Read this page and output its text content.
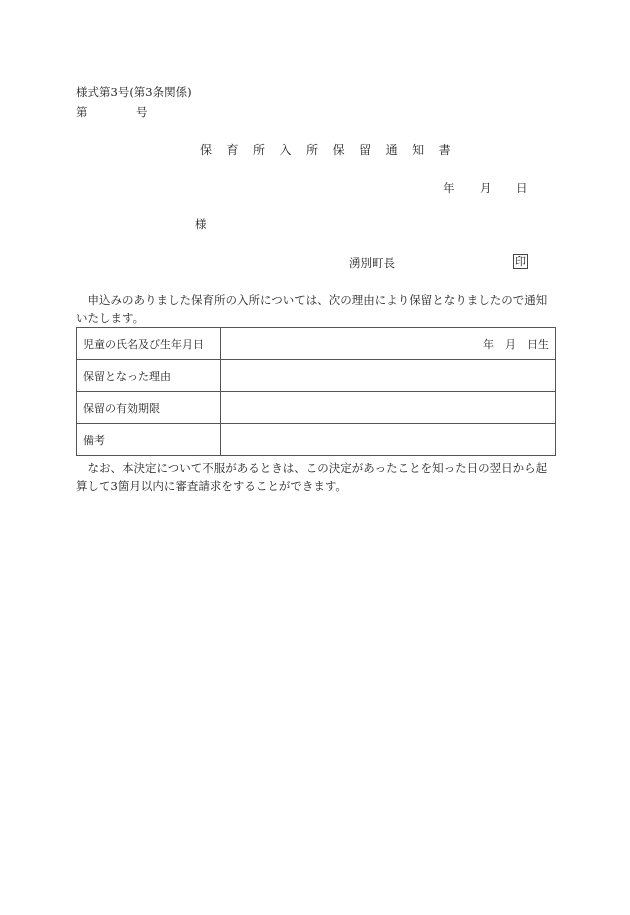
様式第3号(第3条関係)
第	号
保 育 所 入 所 保 留 通 知 書
年 月 日
様
湧別町長	印
申込みのありました保育所の入所については、次の理由により保留となりましたので通知いたします。
児童の氏名及び生年月日	年　月　日生
保留となった理由	
保留の有効期限	
備考	
なお、本決定について不服があるときは、この決定があったことを知った日の翌日から起算して3箇月以内に審査請求をすることができます。
